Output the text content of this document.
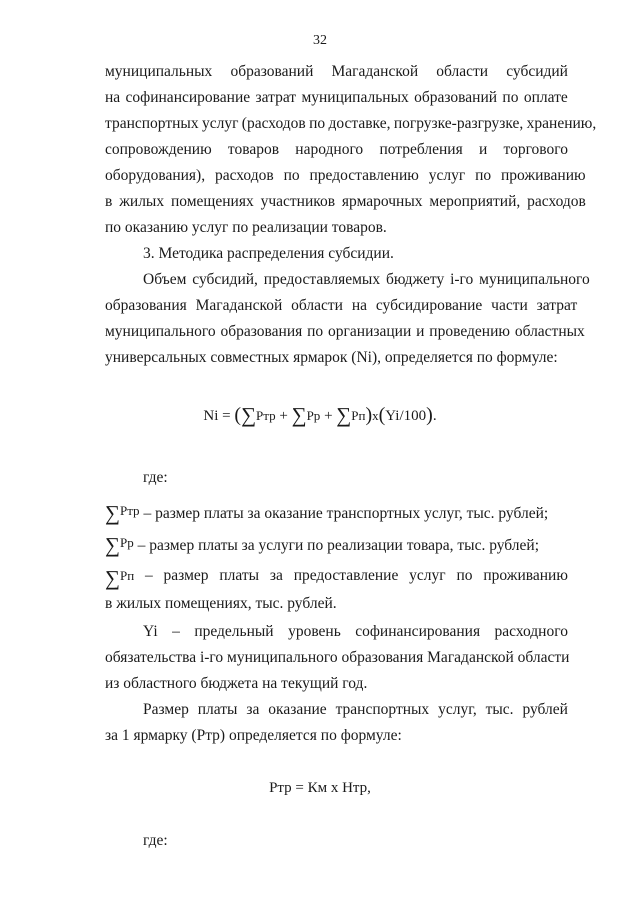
32
муниципальных образований Магаданской области субсидий
на софинансирование затрат муниципальных образований по оплате
транспортных услуг (расходов по доставке, погрузке-разгрузке, хранению,
сопровождению товаров народного потребления и торгового
оборудования), расходов по предоставлению услуг по проживанию
в жилых помещениях участников ярмарочных мероприятий, расходов
по оказанию услуг по реализации товаров.
3. Методика распределения субсидии.
Объем субсидий, предоставляемых бюджету i-го муниципального
образования Магаданской области на субсидирование части затрат
муниципального образования по организации и проведению областных
универсальных совместных ярмарок (Ni), определяется по формуле:
Ni = (∑Ртр + ∑Рр + ∑Рп)х(Yi/100).
где:
∑Ртр – размер платы за оказание транспортных услуг, тыс. рублей;
∑Рр – размер платы за услуги по реализации товара, тыс. рублей;
∑Рп – размер платы за предоставление услуг по проживанию
в жилых помещениях, тыс. рублей.
Yi – предельный уровень софинансирования расходного
обязательства i-го муниципального образования Магаданской области
из областного бюджета на текущий год.
Размер платы за оказание транспортных услуг, тыс. рублей
за 1 ярмарку (Ртр) определяется по формуле:
Ртр = Км х Нтр,
где:
